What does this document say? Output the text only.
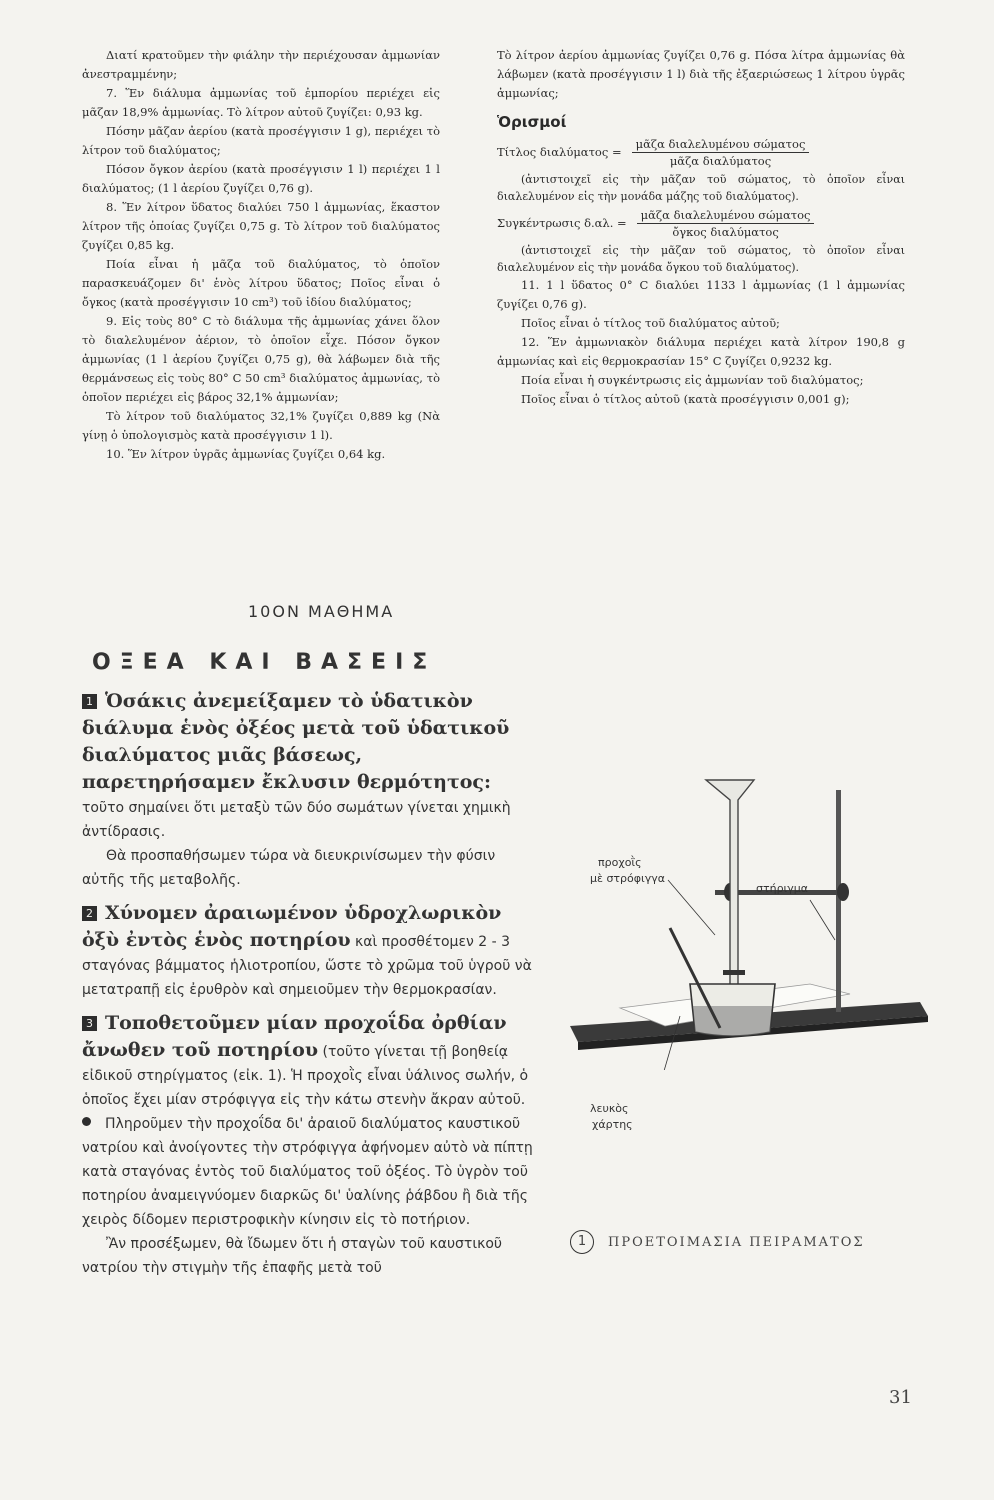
Διατί κρατοῦμεν τὴν φιάλην τὴν περιέχουσαν ἀμμωνίαν ἀνεστραμμένην;

7. Ἕν διάλυμα ἀμμωνίας τοῦ ἐμπορίου περιέχει εἰς μᾶζαν 18,9% ἀμμωνίας. Τὸ λίτρον αὐτοῦ ζυγίζει: 0,93 kg.

Πόσην μᾶζαν ἀερίου (κατὰ προσέγγισιν 1 g), περιέχει τὸ λίτρον τοῦ διαλύματος;

Πόσον ὄγκον ἀερίου (κατὰ προσέγγισιν 1 l) περιέχει 1 l διαλύματος; (1 l ἀερίου ζυγίζει 0,76 g).

8. Ἕν λίτρον ὕδατος διαλύει 750 l ἀμμωνίας, ἕκαστον λίτρον τῆς ὁποίας ζυγίζει 0,75 g. Τὸ λίτρον τοῦ διαλύματος ζυγίζει 0,85 kg.

Ποία εἶναι ἡ μᾶζα τοῦ διαλύματος, τὸ ὁποῖον παρασκευάζομεν δι' ἑνὸς λίτρου ὕδατος; Ποῖος εἶναι ὁ ὄγκος (κατὰ προσέγγισιν 10 cm³) τοῦ ἰδίου διαλύματος;

9. Εἰς τοὺς 80° C τὸ διάλυμα τῆς ἀμμωνίας χάνει ὅλον τὸ διαλελυμένον ἀέριον, τὸ ὁποῖον εἶχε. Πόσον ὄγκον ἀμμωνίας (1 l ἀερίου ζυγίζει 0,75 g), θὰ λάβωμεν διὰ τῆς θερμάνσεως εἰς τοὺς 80° C 50 cm³ διαλύματος ἀμμωνίας, τὸ ὁποῖον περιέχει εἰς βάρος 32,1% ἀμμωνίαν;

Τὸ λίτρον τοῦ διαλύματος 32,1% ζυγίζει 0,889 kg (Νὰ γίνῃ ὁ ὑπολογισμὸς κατὰ προσέγγισιν 1 l).

10. Ἕν λίτρον ὑγρᾶς ἀμμωνίας ζυγίζει 0,64 kg.

Τὸ λίτρον ἀερίου ἀμμωνίας ζυγίζει 0,76 g. Πόσα λίτρα ἀμμωνίας θὰ λάβωμεν (κατὰ προσέγγισιν 1 l) διὰ τῆς ἐξαεριώσεως 1 λίτρου ὑγρᾶς ἀμμωνίας;

Ὁρισμοί

Τίτλος $\delta\iota\alpha\lambda ύ\mu\alpha\tau o\varsigma = \frac{\text{μᾶζα διαλελυμένου σώματος}}{\text{μᾶζα διαλύματος}}$

(ἀντιστοιχεῖ εἰς τὴν μᾶζαν τοῦ σώματος, τὸ ὁποῖον εἶναι διαλελυμένον εἰς τὴν μονάδα μάζης τοῦ διαλύματος).

Συγκέντρωσις δ.αλ. = $\frac{\text{μᾶζα διαλελυμένου σώματος}}{\text{ὄγκος διαλύματος}}$

(ἀντιστοιχεῖ εἰς τὴν μᾶζαν τοῦ σώματος, τὸ ὁποῖον εἶναι διαλελυμένον εἰς τὴν μονάδα ὄγκου τοῦ διαλύματος).

11. 1 l ὕδατος 0° C διαλύει 1133 l ἀμμωνίας (1 l ἀμμωνίας ζυγίζει 0,76 g).

Ποῖος εἶναι ὁ τίτλος τοῦ διαλύματος αὐτοῦ;

12. Ἕν ἀμμωνιακὸν διάλυμα περιέχει κατὰ λίτρον 190,8 g ἀμμωνίας καὶ εἰς θερμοκρασίαν 15° C ζυγίζει 0,9232 kg.

Ποία εἶναι ἡ συγκέντρωσις εἰς ἀμμωνίαν τοῦ διαλύματος;

Ποῖος εἶναι ὁ τίτλος αὐτοῦ (κατὰ προσέγγισιν 0,001 g);

10ON ΜΑΘΗΜΑ
ΟΞΕΑ ΚΑΙ ΒΑΣΕΙΣ

1 Ὁσάκις ἀνεμείξαμεν τὸ ὑδατικὸν διάλυμα ἑνὸς ὀξέος μετὰ τοῦ ὑδατικοῦ διαλύματος μιᾶς βάσεως, παρετηρήσαμεν ἔκλυσιν θερμότητος: τοῦτο σημαίνει ὅτι μεταξὺ τῶν δύο σωμάτων γίνεται χημικὴ ἀντίδρασις.

Θὰ προσπαθήσωμεν τώρα νὰ διευκρινίσωμεν τὴν φύσιν αὐτῆς τῆς μεταβολῆς.

2 Χύνομεν ἀραιωμένον ὑδροχλωρικὸν ὀξὺ ἐντὸς ἑνὸς ποτηρίου καὶ προσθέτομεν 2 - 3 σταγόνας βάμματος ἡλιοτροπίου, ὥστε τὸ χρῶμα τοῦ ὑγροῦ νὰ μετατραπῇ εἰς ἐρυθρὸν καὶ σημειοῦμεν τὴν θερμοκρασίαν.

3 Τοποθετοῦμεν μίαν προχοΐδα ὀρθίαν ἄνωθεν τοῦ ποτηρίου (τοῦτο γίνεται τῇ βοηθείᾳ εἰδικοῦ στηρίγματος (εἰκ. 1). Ἡ προχοῒς εἶναι ὑάλινος σωλήν, ὁ ὁποῖος ἔχει μίαν στρόφιγγα εἰς τὴν κάτω στενὴν ἄκραν αὐτοῦ.

Πληροῦμεν τὴν προχοΐδα δι' ἀραιοῦ διαλύματος καυστικοῦ νατρίου καὶ ἀνοίγοντες τὴν στρόφιγγα ἀφήνομεν αὐτὸ νὰ πίπτῃ κατὰ σταγόνας ἐντὸς τοῦ διαλύματος τοῦ ὀξέος. Τὸ ὑγρὸν τοῦ ποτηρίου ἀναμειγνύομεν διαρκῶς δι' ὑαλίνης ῥάβδου ἢ διὰ τῆς χειρὸς δίδομεν περιστροφικὴν κίνησιν εἰς τὸ ποτήριον.

Ἂν προσέξωμεν, θὰ ἴδωμεν ὅτι ἡ σταγὼν τοῦ καυστικοῦ νατρίου τὴν στιγμὴν τῆς ἐπαφῆς μετὰ τοῦ

προχοῒς
μὲ στρόφιγγα
στήριγμα
λευκὸς
χάρτης
1	ΠΡΟΕΤΟΙΜΑΣΙΑ ΠΕΙΡΑΜΑΤΟΣ
31
